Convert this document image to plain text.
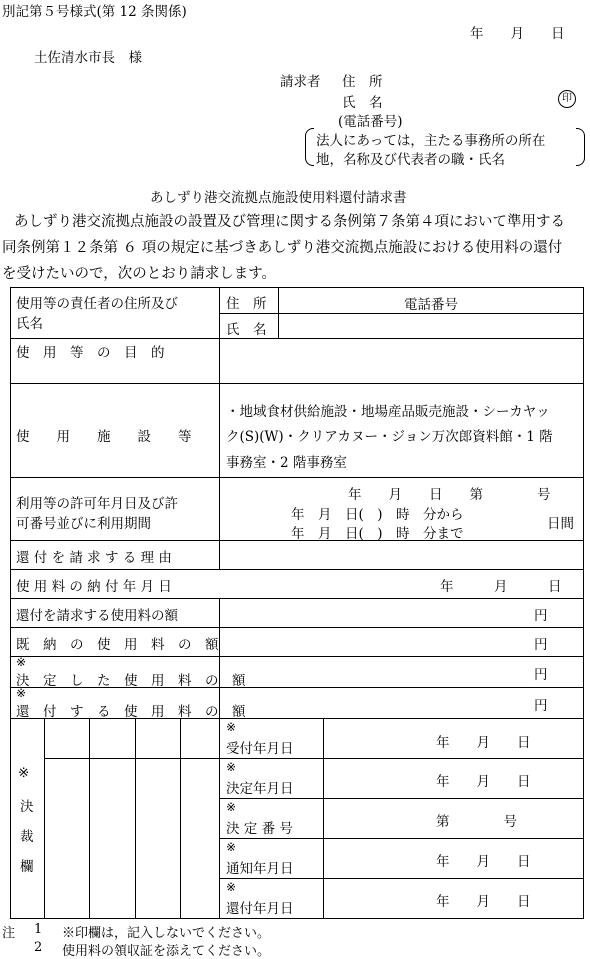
別記第５号様式(第 12 条関係)
年　　月　　日
土佐清水市長　様
請求者 住　所
氏　名	印
(電話番号)
法人にあっては，主たる事務所の所在
地，名称及び代表者の職・氏名
あしずり港交流拠点施設使用料還付請求書
あしずり港交流拠点施設の設置及び管理に関する条例第７条第４項において準用する
同条例第１２条第 ６ 項の規定に基づきあしずり港交流拠点施設における使用料の還付
を受けたいので，次のとおり請求します。
使用等の責任者の住所及び
氏名
住　所	電話番号
氏　名
使　用　等　の　目　的
使　　用　　施　　設　　等
・地域食材供給施設・地場産品販売施設・シーカヤッ
ク(S)(W)・クリアカヌー・ジョン万次郎資料館・1 階
事務室・2 階事務室
利用等の許可年月日及び許
可番号並びに利用期間
年　　月　　日　　第　　　　号
年　月　日(　)　時　分から
年　月　日(　)　時　分まで
日間
還 付 を 請 求 す る 理 由
使 用 料 の 納 付 年 月 日	年　　　月　　　日
還付を請求する使用料の額	円
既　納　の　使　用　料　の　額	円
※
決　定　し　た　使　用　料　の　額	円
※
還　付　す　る　使　用　料　の　額	円
※
決
裁
欄
※
受付年月日	年　　月　　日
※
決定年月日	年　　月　　日
※
決 定 番 号	第　　　　号
※
通知年月日	年　　月　　日
※
還付年月日	年　　月　　日
注 1 ※印欄は，記入しないでください。
2 使用料の領収証を添えてください。
